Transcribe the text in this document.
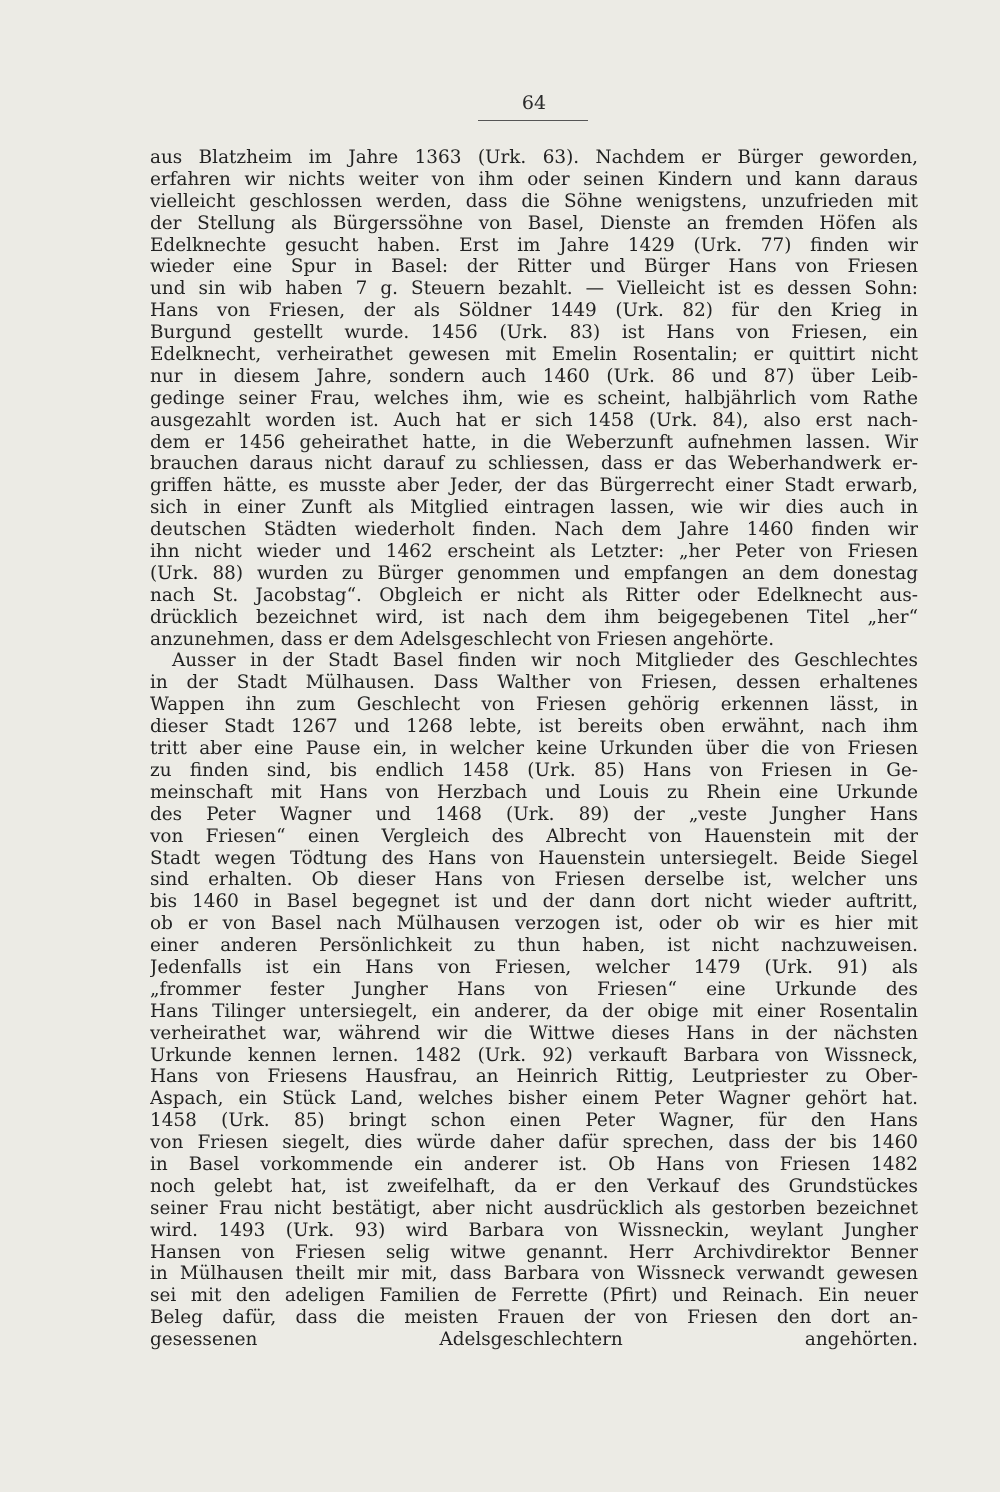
64
aus Blatzheim im Jahre 1363 (Urk. 63). Nachdem er Bürger geworden,
erfahren wir nichts weiter von ihm oder seinen Kindern und kann daraus
vielleicht geschlossen werden, dass die Söhne wenigstens, unzufrieden mit
der Stellung als Bürgerssöhne von Basel, Dienste an fremden Höfen als
Edelknechte gesucht haben. Erst im Jahre 1429 (Urk. 77) finden wir
wieder eine Spur in Basel: der Ritter und Bürger Hans von Friesen
und sin wib haben 7 g. Steuern bezahlt. — Vielleicht ist es dessen Sohn:
Hans von Friesen, der als Söldner 1449 (Urk. 82) für den Krieg in
Burgund gestellt wurde. 1456 (Urk. 83) ist Hans von Friesen, ein
Edelknecht, verheirathet gewesen mit Emelin Rosentalin; er quittirt nicht
nur in diesem Jahre, sondern auch 1460 (Urk. 86 und 87) über Leib-
gedinge seiner Frau, welches ihm, wie es scheint, halbjährlich vom Rathe
ausgezahlt worden ist. Auch hat er sich 1458 (Urk. 84), also erst nach-
dem er 1456 geheirathet hatte, in die Weberzunft aufnehmen lassen. Wir
brauchen daraus nicht darauf zu schliessen, dass er das Weberhandwerk er-
griffen hätte, es musste aber Jeder, der das Bürgerrecht einer Stadt erwarb,
sich in einer Zunft als Mitglied eintragen lassen, wie wir dies auch in
deutschen Städten wiederholt finden. Nach dem Jahre 1460 finden wir
ihn nicht wieder und 1462 erscheint als Letzter: „her Peter von Friesen
(Urk. 88) wurden zu Bürger genommen und empfangen an dem donestag
nach St. Jacobstag“. Obgleich er nicht als Ritter oder Edelknecht aus-
drücklich bezeichnet wird, ist nach dem ihm beigegebenen Titel „her“
anzunehmen, dass er dem Adelsgeschlecht von Friesen angehörte.
Ausser in der Stadt Basel finden wir noch Mitglieder des Geschlechtes
in der Stadt Mülhausen. Dass Walther von Friesen, dessen erhaltenes
Wappen ihn zum Geschlecht von Friesen gehörig erkennen lässt, in
dieser Stadt 1267 und 1268 lebte, ist bereits oben erwähnt, nach ihm
tritt aber eine Pause ein, in welcher keine Urkunden über die von Friesen
zu finden sind, bis endlich 1458 (Urk. 85) Hans von Friesen in Ge-
meinschaft mit Hans von Herzbach und Louis zu Rhein eine Urkunde
des Peter Wagner und 1468 (Urk. 89) der „veste Jungher Hans
von Friesen“ einen Vergleich des Albrecht von Hauenstein mit der
Stadt wegen Tödtung des Hans von Hauenstein untersiegelt. Beide Siegel
sind erhalten. Ob dieser Hans von Friesen derselbe ist, welcher uns
bis 1460 in Basel begegnet ist und der dann dort nicht wieder auftritt,
ob er von Basel nach Mülhausen verzogen ist, oder ob wir es hier mit
einer anderen Persönlichkeit zu thun haben, ist nicht nachzuweisen.
Jedenfalls ist ein Hans von Friesen, welcher 1479 (Urk. 91) als
„frommer fester Jungher Hans von Friesen“ eine Urkunde des
Hans Tilinger untersiegelt, ein anderer, da der obige mit einer Rosentalin
verheirathet war, während wir die Wittwe dieses Hans in der nächsten
Urkunde kennen lernen. 1482 (Urk. 92) verkauft Barbara von Wissneck,
Hans von Friesens Hausfrau, an Heinrich Rittig, Leutpriester zu Ober-
Aspach, ein Stück Land, welches bisher einem Peter Wagner gehört hat.
1458 (Urk. 85) bringt schon einen Peter Wagner, für den Hans
von Friesen siegelt, dies würde daher dafür sprechen, dass der bis 1460
in Basel vorkommende ein anderer ist. Ob Hans von Friesen 1482
noch gelebt hat, ist zweifelhaft, da er den Verkauf des Grundstückes
seiner Frau nicht bestätigt, aber nicht ausdrücklich als gestorben bezeichnet
wird. 1493 (Urk. 93) wird Barbara von Wissneckin, weylant Jungher
Hansen von Friesen selig witwe genannt. Herr Archivdirektor Benner
in Mülhausen theilt mir mit, dass Barbara von Wissneck verwandt gewesen
sei mit den adeligen Familien de Ferrette (Pfirt) und Reinach. Ein neuer
Beleg dafür, dass die meisten Frauen der von Friesen den dort an-
gesessenen Adelsgeschlechtern angehörten.
